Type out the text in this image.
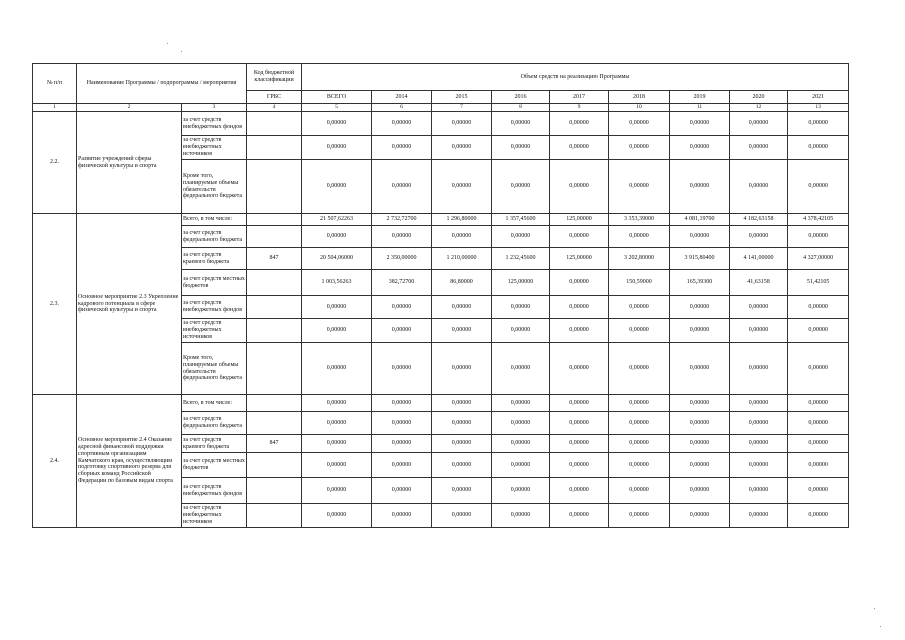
№ п/п	Наименование Программы / подпрограммы / мероприятия		Код бюджетной классификации	Объем средств на реализацию Программы								
			ГРБС	ВСЕГО	2014	2015	2016	2017	2018	2019	2020	2021
1	2	3	4	5	6	7	8	9	10	11	12	13
2.2.	Развитие учреждений сферы физической культуры и спорта	за счет средств внебюджетных фондов		0,00000	0,00000	0,00000	0,00000	0,00000	0,00000	0,00000	0,00000	0,00000
		за счет средств внебюджетных источников		0,00000	0,00000	0,00000	0,00000	0,00000	0,00000	0,00000	0,00000	0,00000
		Кроме того, планируемые объемы обязательств федерального бюджета		0,00000	0,00000	0,00000	0,00000	0,00000	0,00000	0,00000	0,00000	0,00000
2.3.	Основное мероприятие 2.3 Укрепление кадрового потенциала в сфере физической культуры и спорта	Всего, в том числе:		21 507,62263	2 732,72700	1 296,80000	1 357,45600	125,00000	3 353,39000	4 081,19700	4 182,63158	4 378,42105
		за счет средств федерального бюджета		0,00000	0,00000	0,00000	0,00000	0,00000	0,00000	0,00000	0,00000	0,00000
		за счет средств краевого бюджета	847	20 504,06000	2 350,00000	1 210,00000	1 232,45600	125,00000	3 202,80000	3 915,80400	4 141,00000	4 327,00000
		за счет средств местных бюджетов		1 003,56263	382,72700	86,80000	125,00000	0,00000	150,59000	165,39300	41,63158	51,42105
		за счет средств внебюджетных фондов		0,00000	0,00000	0,00000	0,00000	0,00000	0,00000	0,00000	0,00000	0,00000
		за счет средств внебюджетных источников		0,00000	0,00000	0,00000	0,00000	0,00000	0,00000	0,00000	0,00000	0,00000
		Кроме того, планируемые объемы обязательств федерального бюджета		0,00000	0,00000	0,00000	0,00000	0,00000	0,00000	0,00000	0,00000	0,00000
2.4.	Основное мероприятие 2.4 Оказание адресной финансовой поддержки спортивным организациям Камчатского края, осуществляющим подготовку спортивного резерва для сборных команд Российской Федерации по базовым видам спорта	Всего, в том числе:		0,00000	0,00000	0,00000	0,00000	0,00000	0,00000	0,00000	0,00000	0,00000
		за счет средств федерального бюджета		0,00000	0,00000	0,00000	0,00000	0,00000	0,00000	0,00000	0,00000	0,00000
		за счет средств краевого бюджета	847	0,00000	0,00000	0,00000	0,00000	0,00000	0,00000	0,00000	0,00000	0,00000
		за счет средств местных бюджетов		0,00000	0,00000	0,00000	0,00000	0,00000	0,00000	0,00000	0,00000	0,00000
		за счет средств внебюджетных фондов		0,00000	0,00000	0,00000	0,00000	0,00000	0,00000	0,00000	0,00000	0,00000
		за счет средств внебюджетных источников		0,00000	0,00000	0,00000	0,00000	0,00000	0,00000	0,00000	0,00000	0,00000
